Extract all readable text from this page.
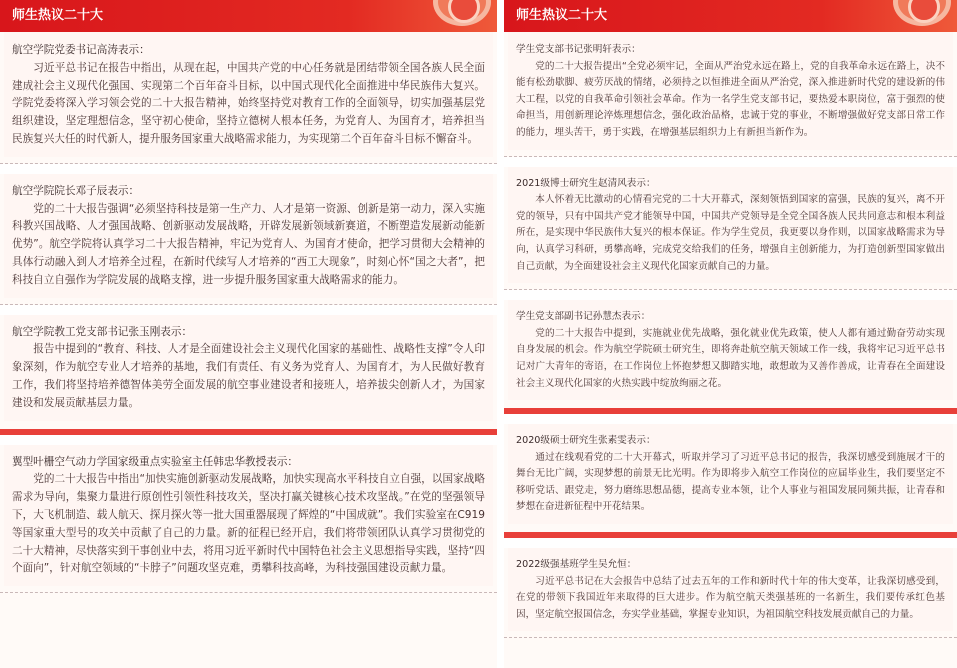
师生热议二十大
航空学院党委书记高涛表示：
习近平总书记在报告中指出，从现在起，中国共产党的中心任务就是团结带领全国各族人民全面建成社会主义现代化强国、实现第二个百年奋斗目标，以中国式现代化全面推进中华民族伟大复兴。学院党委将深入学习领会党的二十大报告精神，始终坚持党对教育工作的全面领导，切实加强基层党组织建设，坚定理想信念，坚守初心使命，坚持立德树人根本任务，为党育人、为国育才，培养担当民族复兴大任的时代新人，提升服务国家重大战略需求能力，为实现第二个百年奋斗目标不懈奋斗。
航空学院院长邓子辰表示：
党的二十大报告强调“必须坚持科技是第一生产力、人才是第一资源、创新是第一动力，深入实施科教兴国战略、人才强国战略、创新驱动发展战略，开辟发展新领域新赛道，不断塑造发展新动能新优势”。航空学院将认真学习二十大报告精神，牢记为党育人、为国育才使命，把学习贯彻大会精神的具体行动融入到人才培养全过程，在新时代续写人才培养的“西工大现象”，时刻心怀“国之大者”，把科技自立自强作为学院发展的战略支撑，进一步提升服务国家重大战略需求的能力。
航空学院教工党支部书记张玉刚表示：
报告中提到的“教育、科技、人才是全面建设社会主义现代化国家的基础性、战略性支撑”令人印象深刻，作为航空专业人才培养的基地，我们有责任、有义务为党育人、为国育才，为人民做好教育工作，我们将坚持培养德智体美劳全面发展的航空事业建设者和接班人，培养拔尖创新人才，为国家建设和发展贡献基层力量。
翼型叶栅空气动力学国家级重点实验室主任韩忠华教授表示：
党的二十大报告中指出“加快实施创新驱动发展战略，加快实现高水平科技自立自强，以国家战略需求为导向，集聚力量进行原创性引领性科技攻关，坚决打赢关键核心技术攻坚战。”在党的坚强领导下，大飞机制造、载人航天、探月探火等一批大国重器展现了辉煌的“中国成就”。我们实验室在C919等国家重大型号的攻关中贡献了自己的力量。新的征程已经开启，我们将带领团队认真学习贯彻党的二十大精神，尽快落实到干事创业中去，将用习近平新时代中国特色社会主义思想指导实践，坚持“四个面向”，针对航空领域的“卡脖子”问题攻坚克难，勇攀科技高峰，为科技强国建设贡献力量。
师生热议二十大
学生党支部书记张明轩表示：
党的二十大报告提出“全党必须牢记，全面从严治党永远在路上，党的自我革命永远在路上，决不能有松劲歇脚、疲劳厌战的情绪，必须持之以恒推进全面从严治党，深入推进新时代党的建设新的伟大工程，以党的自我革命引领社会革命。作为一名学生党支部书记，要热爱本职岗位，富于强烈的使命担当，用创新理论淬炼理想信念，强化政治品格，忠诚于党的事业，不断增强做好党支部日常工作的能力，埋头苦干，勇于实践，在增强基层组织力上有新担当新作为。
2021级博士研究生赵清风表示：
本人怀着无比激动的心情看完党的二十大开幕式，深刻领悟到国家的富强，民族的复兴，离不开党的领导，只有中国共产党才能领导中国，中国共产党领导是全党全国各族人民共同意志和根本利益所在，是实现中华民族伟大复兴的根本保证。作为学生党员，我更要以身作则，以国家战略需求为导向，认真学习科研，勇攀高峰，完成党交给我们的任务，增强自主创新能力，为打造创新型国家做出自己贡献，为全面建设社会主义现代化国家贡献自己的力量。
学生党支部副书记孙慧杰表示：
党的二十大报告中提到，实施就业优先战略，强化就业优先政策，使人人都有通过勤奋劳动实现自身发展的机会。作为航空学院硕士研究生，即将奔赴航空航天领域工作一线，我将牢记习近平总书记对广大青年的寄语，在工作岗位上怀抱梦想又脚踏实地，敢想敢为又善作善成，让青春在全面建设社会主义现代化国家的火热实践中绽放绚丽之花。
2020级硕士研究生张素雯表示：
通过在线观看党的二十大开幕式，听取并学习了习近平总书记的报告，我深切感受到施展才干的舞台无比广阔，实现梦想的前景无比光明。作为即将步入航空工作岗位的应届毕业生，我们要坚定不移听党话、跟党走，努力磨练思想品德，提高专业本领，让个人事业与祖国发展同频共振，让青春和梦想在奋进新征程中开花结果。
2022级强基班学生吴允恒：
习近平总书记在大会报告中总结了过去五年的工作和新时代十年的伟大变革，让我深切感受到，在党的带领下我国近年来取得的巨大进步。作为航空航天类强基班的一名新生，我们要传承红色基因，坚定航空报国信念，夯实学业基础，掌握专业知识，为祖国航空科技发展贡献自己的力量。
